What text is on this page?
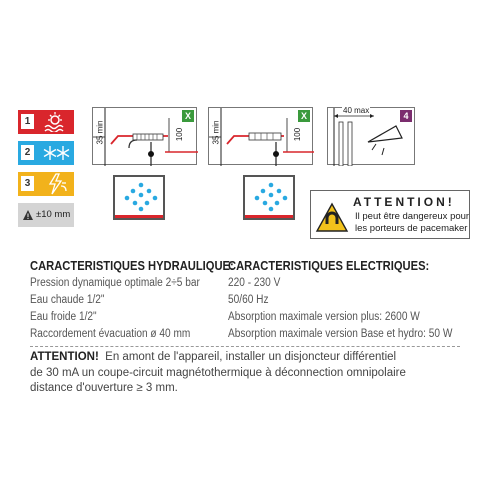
1
2
3
±10 mm
35 min	100
X
35 min	100
X
40 max
4
ATTENTION!
Il peut être dangereux pour
les porteurs de pacemaker
CARACTERISTIQUES HYDRAULIQUE:
Pression dynamique optimale 2÷5 bar
Eau chaude 1/2"
Eau froide 1/2"
Raccordement évacuation ø 40 mm
CARACTERISTIQUES ELECTRIQUES:
220 - 230 V
50/60 Hz
Absorption maximale version plus: 2600 W
Absorption maximale version Base et hydro: 50 W
ATTENTION! En amont de l'appareil, installer un disjoncteur différentiel
de 30 mA un coupe-circuit magnétothermique à déconnection omnipolaire
distance d'ouverture ≥ 3 mm.
